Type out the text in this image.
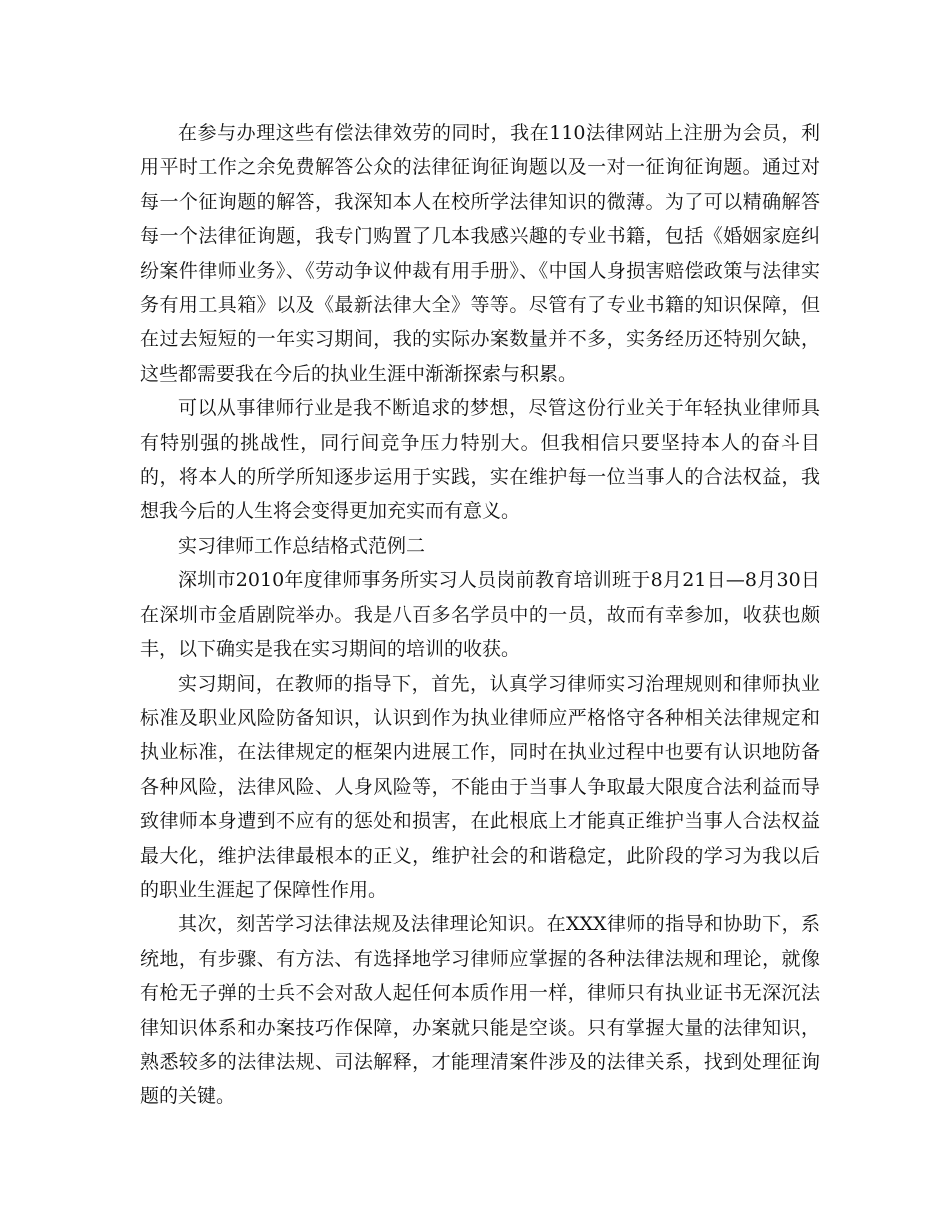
在参与办理这些有偿法律效劳的同时，我在110法律网站上注册为会员，利用平时工作之余免费解答公众的法律征询征询题以及一对一征询征询题。通过对每一个征询题的解答，我深知本人在校所学法律知识的微薄。为了可以精确解答每一个法律征询题，我专门购置了几本我感兴趣的专业书籍，包括《婚姻家庭纠纷案件律师业务》、《劳动争议仲裁有用手册》、《中国人身损害赔偿政策与法律实务有用工具箱》以及《最新法律大全》等等。尽管有了专业书籍的知识保障，但在过去短短的一年实习期间，我的实际办案数量并不多，实务经历还特别欠缺，这些都需要我在今后的执业生涯中渐渐探索与积累。

可以从事律师行业是我不断追求的梦想，尽管这份行业关于年轻执业律师具有特别强的挑战性，同行间竞争压力特别大。但我相信只要坚持本人的奋斗目的，将本人的所学所知逐步运用于实践，实在维护每一位当事人的合法权益，我想我今后的人生将会变得更加充实而有意义。

实习律师工作总结格式范例二

深圳市2010年度律师事务所实习人员岗前教育培训班于8月21日—8月30日在深圳市金盾剧院举办。我是八百多名学员中的一员，故而有幸参加，收获也颇丰，以下确实是我在实习期间的培训的收获。

实习期间，在教师的指导下，首先，认真学习律师实习治理规则和律师执业标准及职业风险防备知识，认识到作为执业律师应严格恪守各种相关法律规定和执业标准，在法律规定的框架内进展工作，同时在执业过程中也要有认识地防备各种风险，法律风险、人身风险等，不能由于当事人争取最大限度合法利益而导致律师本身遭到不应有的惩处和损害，在此根底上才能真正维护当事人合法权益最大化，维护法律最根本的正义，维护社会的和谐稳定，此阶段的学习为我以后的职业生涯起了保障性作用。

其次，刻苦学习法律法规及法律理论知识。在XXX律师的指导和协助下，系统地，有步骤、有方法、有选择地学习律师应掌握的各种法律法规和理论，就像有枪无子弹的士兵不会对敌人起任何本质作用一样，律师只有执业证书无深沉法律知识体系和办案技巧作保障，办案就只能是空谈。只有掌握大量的法律知识，熟悉较多的法律法规、司法解释，才能理清案件涉及的法律关系，找到处理征询题的关键。
